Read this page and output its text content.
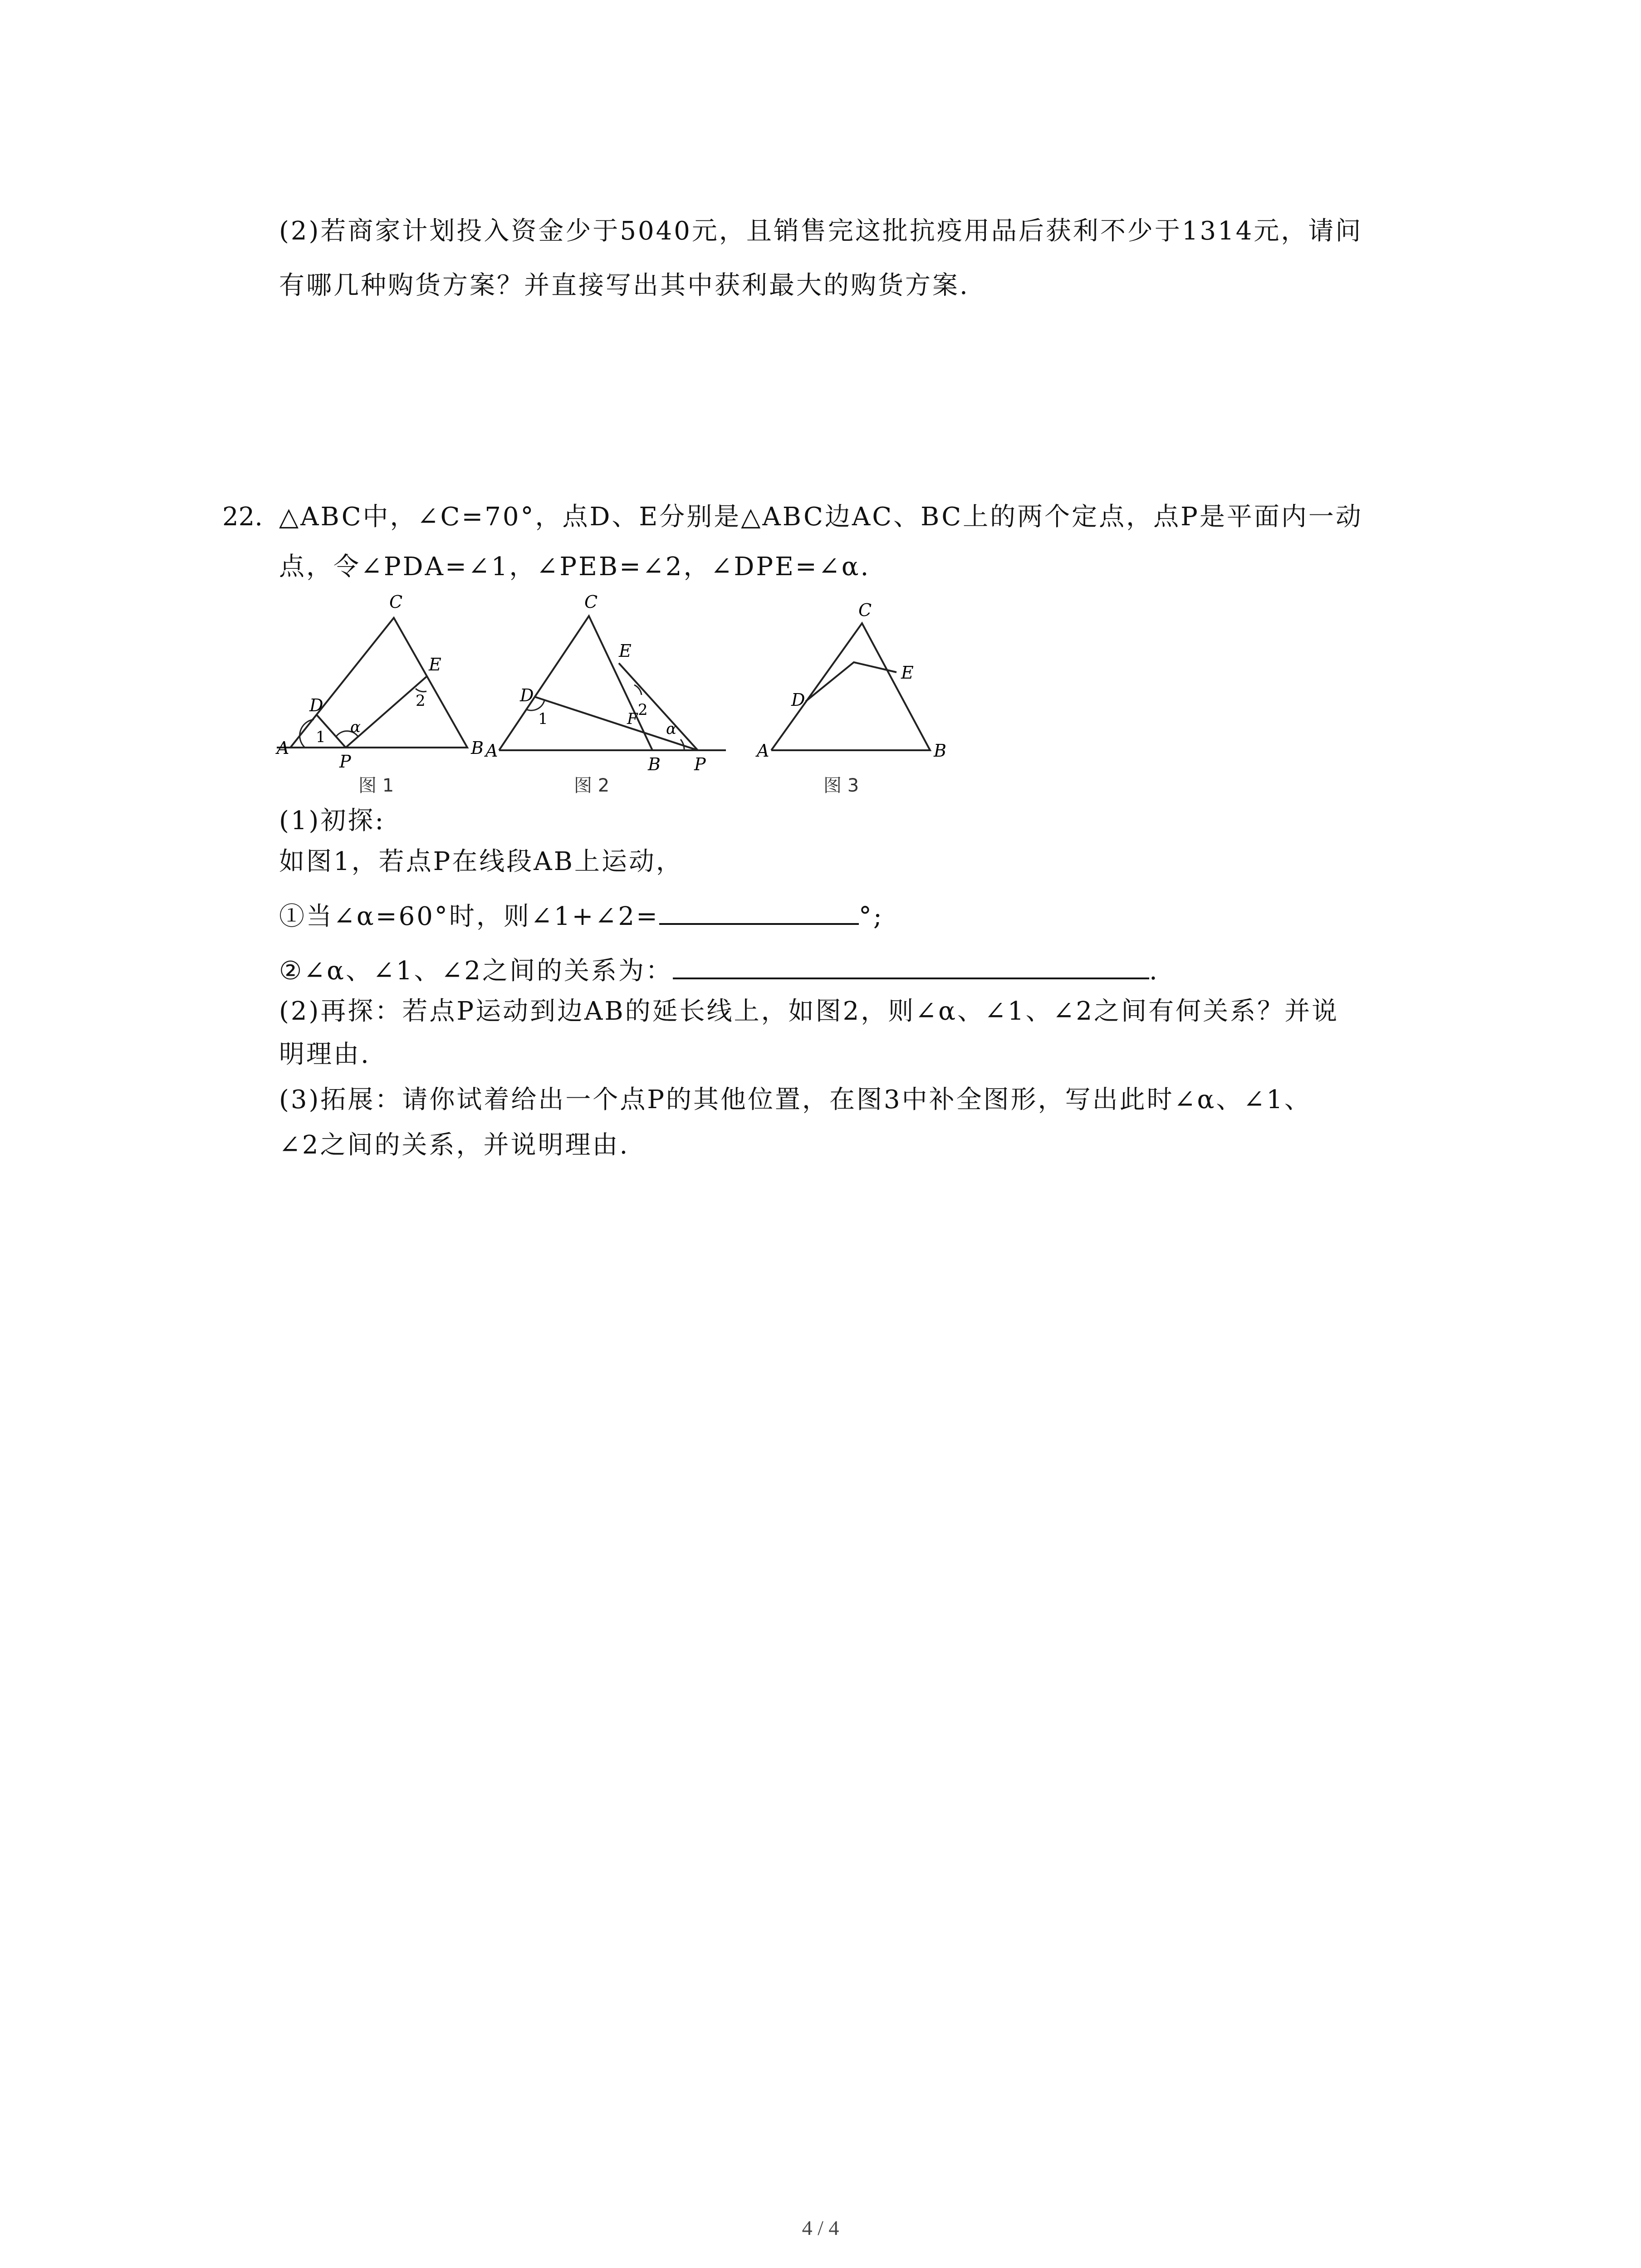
(2)若商家计划投入资金少于5040元，且销售完这批抗疫用品后获利不少于1314元，请问
有哪几种购货方案？并直接写出其中获利最大的购货方案.
22. △ABC中，∠C=70°，点D、E分别是△ABC边AC、BC上的两个定点，点P是平面内一动
点，令∠PDA=∠1，∠PEB=∠2，∠DPE=∠α.
C
E
D
A	B
P
1
2
α
图 1
C
E
D
A
B P
F
1	2
α
图 2
C
E
D
A	B
图 3
(1)初探:
如图1，若点P在线段AB上运动，
①当∠α=60°时，则∠1+∠2=	°;
②∠α、∠1、∠2之间的关系为：	.
(2)再探：若点P运动到边AB的延长线上，如图2，则∠α、∠1、∠2之间有何关系？并说
明理由.
(3)拓展：请你试着给出一个点P的其他位置，在图3中补全图形，写出此时∠α、∠1、
∠2之间的关系，并说明理由.
4 / 4
